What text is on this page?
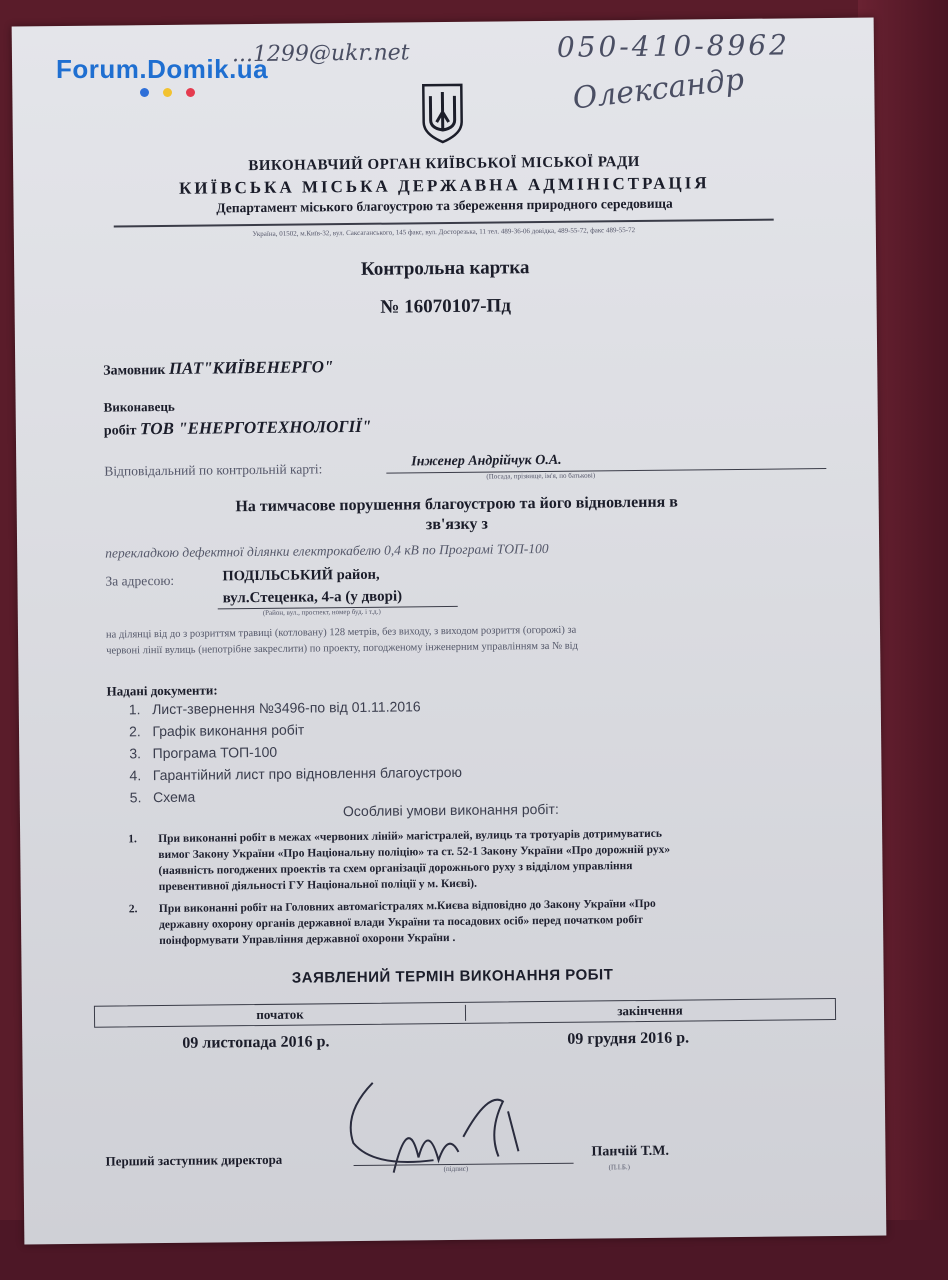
...1299@ukr.net	050-410-8962
Олександр
ВИКОНАВЧИЙ ОРГАН КИЇВСЬКОЇ МІСЬКОЇ РАДИ
КИЇВСЬКА МІСЬКА ДЕРЖАВНА АДМІНІСТРАЦІЯ
Департамент міського благоустрою та збереження природного середовища
Україна, 01502, м.Київ-32, вул. Саксаганського, 145 факс, вул. Досторезька, 11 тел. 489-36-06 довідка, 489-55-72, факс 489-55-72
Контрольна картка
№ 16070107-Пд
Замовник ПАТ"КИЇВЕНЕРГО"
Виконавець
робіт ТОВ "ЕНЕРГОТЕХНОЛОГІЇ"
Відповідальний по контрольній карті:
Інженер Андрійчук О.А.
(Посада, прізвище, ім'я, по батькові)
На тимчасове порушення благоустрою та його відновлення в
зв'язку з
перекладкою дефектної ділянки електрокабелю 0,4 кВ по Програмі ТОП-100
За адресою:	ПОДІЛЬСЬКИЙ район,
вул.Стеценка, 4-а (у дворі)
(Район, вул., проспект, номер буд. і т.д.)
на ділянці від до з розриттям травиці (котловану) 128 метрів, без виходу, з виходом розриття (огорожі) за
червоні лінії вулиць (непотрібне закреслити) по проекту, погодженому інженерним управлінням за № від
Надані документи:
1. Лист-звернення №3496-по від 01.11.2016
2. Графік виконання робіт
3. Програма ТОП-100
4. Гарантійний лист про відновлення благоустрою
5. Схема
Особливі умови виконання робіт:
1. При виконанні робіт в межах «червоних ліній» магістралей, вулиць та тротуарів дотримуватись
вимог Закону України «Про Національну поліцію» та ст. 52-1 Закону України «Про дорожній рух»
(наявність погоджених проектів та схем організації дорожнього руху з відділом управління
превентивної діяльності ГУ Національної поліції у м. Києві).
2. При виконанні робіт на Головних автомагістралях м.Києва відповідно до Закону України «Про
державну охорону органів державної влади України та посадових осіб» перед початком робіт
поінформувати Управління державної охорони України .
ЗАЯВЛЕНИЙ ТЕРМІН ВИКОНАННЯ РОБІТ
початок	закінчення
09 листопада 2016 р.	09 грудня 2016 р.
Перший заступник директора
(підпис)
Панчій Т.М.
(П.І.Б.)
Forum.Domik.ua
